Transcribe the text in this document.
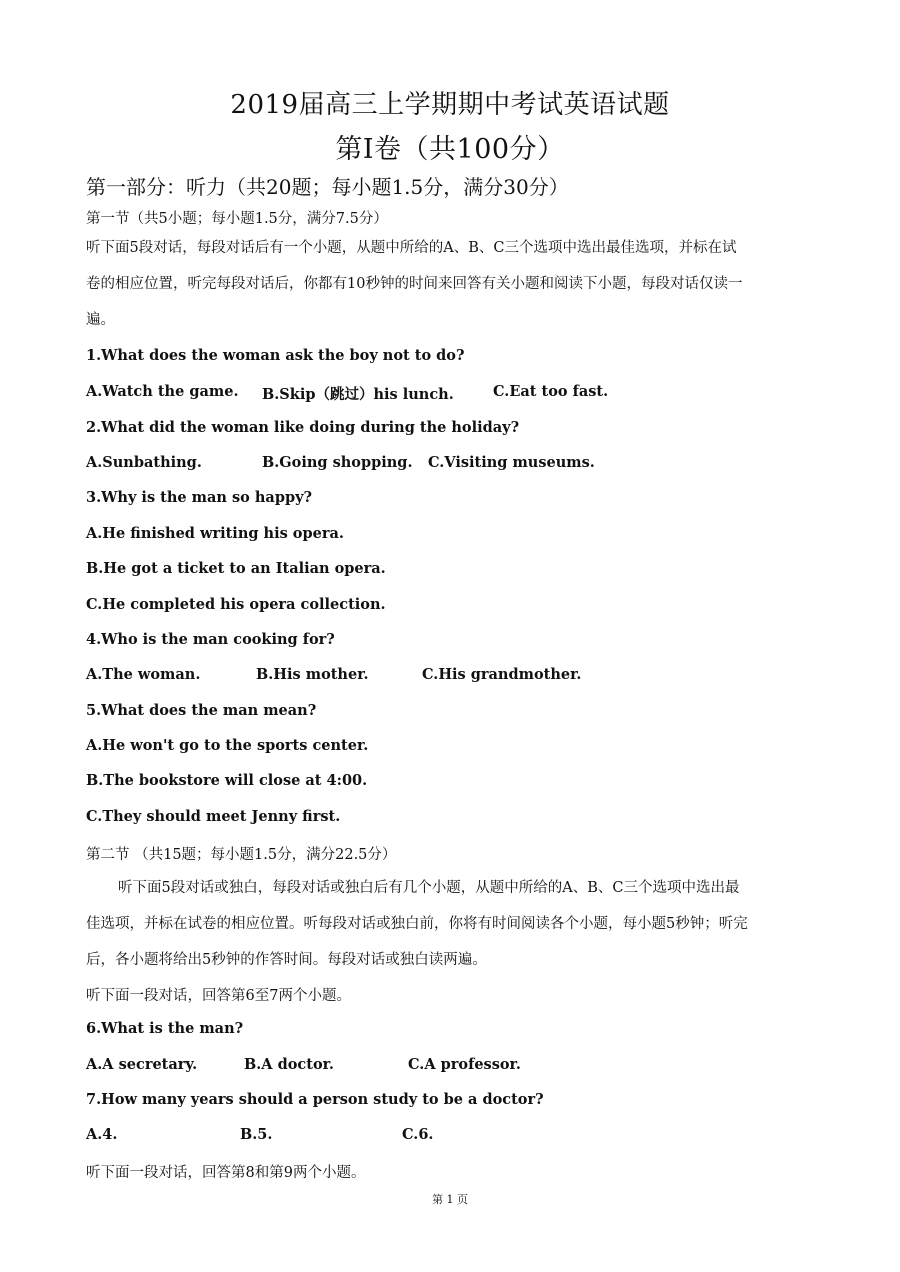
2019届高三上学期期中考试英语试题
第Ⅰ卷（共100分）
第一部分：听力（共20题；每小题1.5分，满分30分）
第一节（共5小题；每小题1.5分，满分7.5分）
听下面5段对话，每段对话后有一个小题，从题中所给的A、B、C三个选项中选出最佳选项，并标在试
卷的相应位置，听完每段对话后，你都有10秒钟的时间来回答有关小题和阅读下小题，每段对话仅读一
遍。
1.What does the woman ask the boy not to do?
A.Watch the game. B.Skip（跳过）his lunch.	C.Eat too fast.
2.What did the woman like doing during the holiday?
A.Sunbathing.	B.Going shopping. C.Visiting museums.
3.Why is the man so happy?
A.He finished writing his opera.
B.He got a ticket to an Italian opera.
C.He completed his opera collection.
4.Who is the man cooking for?
A.The woman.	B.His mother.	C.His grandmother.
5.What does the man mean?
A.He won't go to the sports center.
B.The bookstore will close at 4:00.
C.They should meet Jenny first.
第二节 （共15题；每小题1.5分，满分22.5分）
听下面5段对话或独白，每段对话或独白后有几个小题，从题中所给的A、B、C三个选项中选出最
佳选项，并标在试卷的相应位置。听每段对话或独白前，你将有时间阅读各个小题，每小题5秒钟；听完
后，各小题将给出5秒钟的作答时间。每段对话或独白读两遍。
听下面一段对话，回答第6至7两个小题。
6.What is the man?
A.A secretary.	B.A doctor.	C.A professor.
7.How many years should a person study to be a doctor?
A.4.	B.5.	C.6.
听下面一段对话，回答第8和第9两个小题。
第 1 页
